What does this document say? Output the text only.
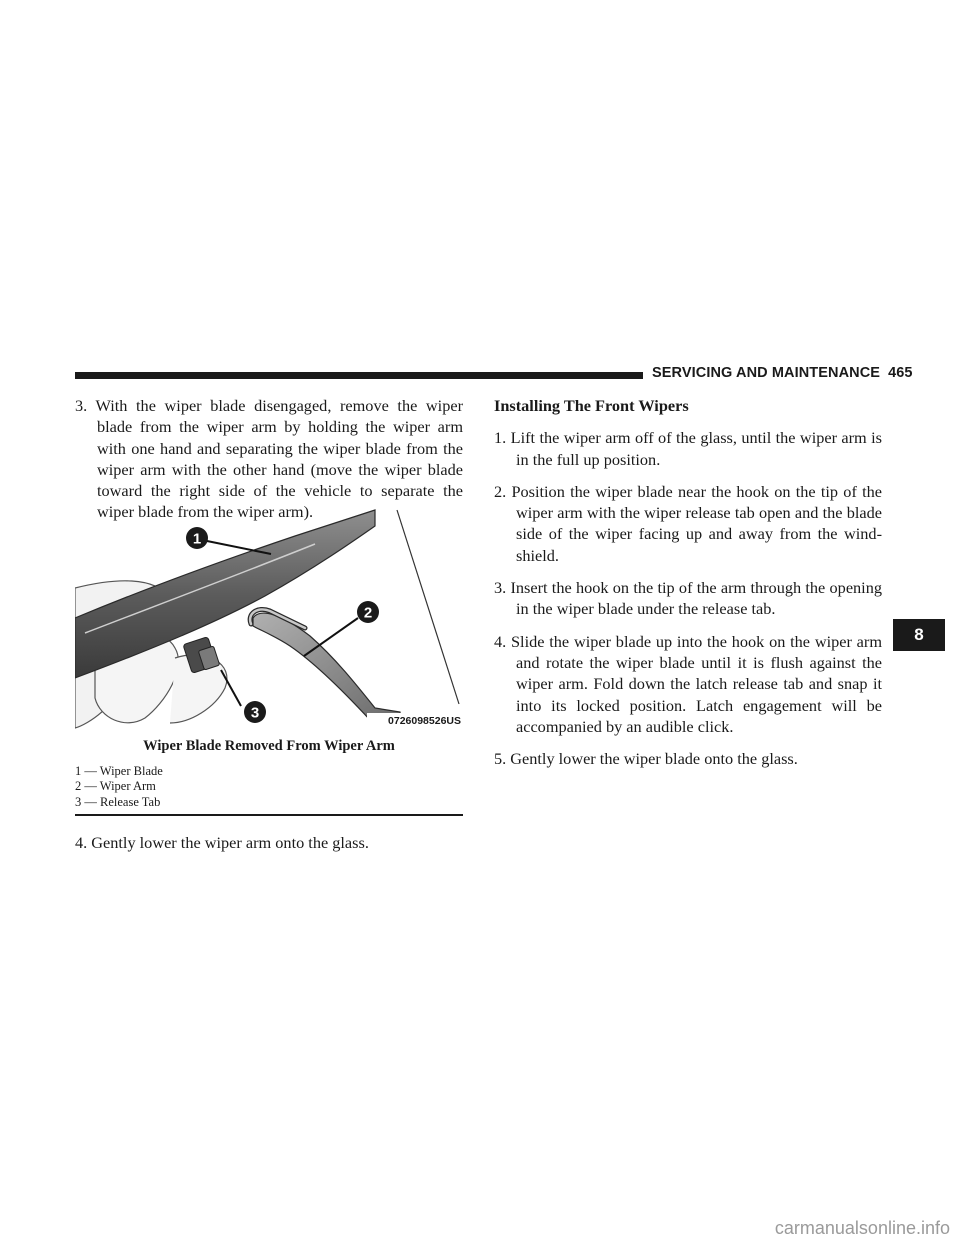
SERVICING AND MAINTENANCE 465

3. With the wiper blade disengaged, remove the wiper blade from the wiper arm by holding the wiper arm with one hand and separating the wiper blade from the wiper arm with the other hand (move the wiper blade toward the right side of the vehicle to separate the wiper blade from the wiper arm).

1
2
3	0726098526US
Wiper Blade Removed From Wiper Arm
1 — Wiper Blade
2 — Wiper Arm
3 — Release Tab
4. Gently lower the wiper arm onto the glass.

Installing The Front Wipers

1. Lift the wiper arm off of the glass, until the wiper arm is in the full up position.

2. Position the wiper blade near the hook on the tip of the wiper arm with the wiper release tab open and the blade side of the wiper facing up and away from the wind-shield.

3. Insert the hook on the tip of the arm through the opening in the wiper blade under the release tab.

4. Slide the wiper blade up into the hook on the wiper arm and rotate the wiper blade until it is flush against the wiper arm. Fold down the latch release tab and snap it into its locked position. Latch engagement will be accompanied by an audible click.

5. Gently lower the wiper blade onto the glass.

8
carmanualsonline.info
